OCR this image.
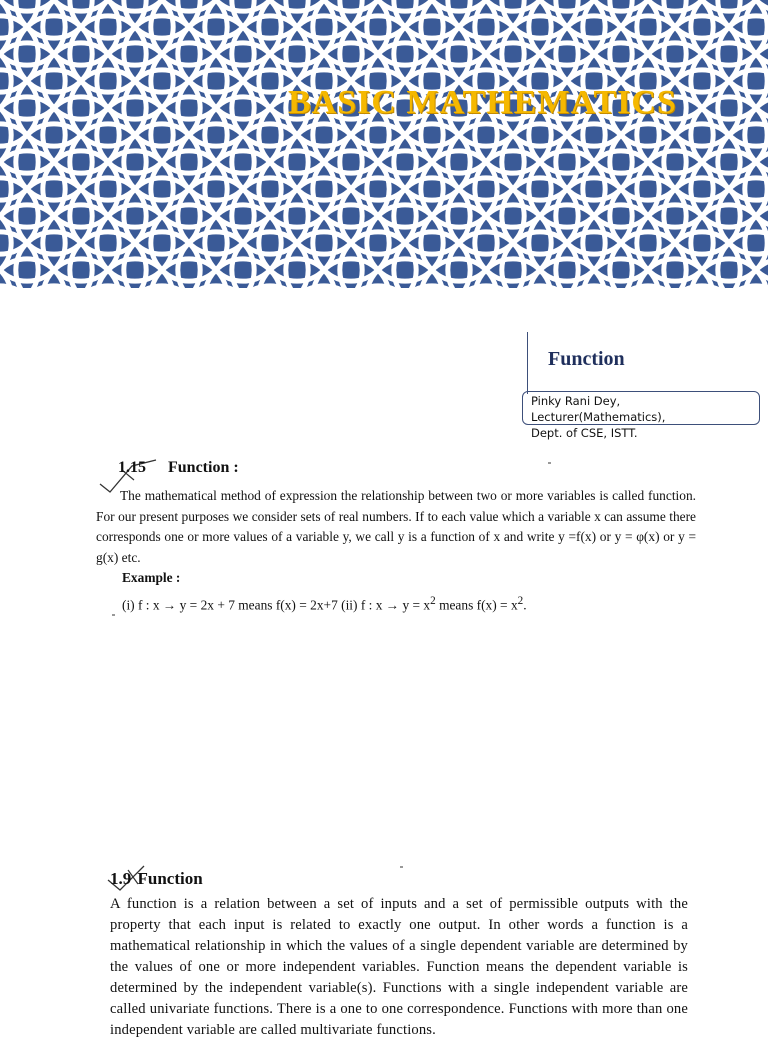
BASIC MATHEMATICS
Function
Pinky Rani Dey, Lecturer(Mathematics),
Dept. of CSE, ISTT.
1.15 Function :

The mathematical method of expression the relationship between two or more variables is called function. For our present purposes we consider sets of real numbers. If to each value which a variable x can assume there corresponds one or more values of a variable y, we call y is a function of x and write y =f(x) or y = φ(x) or y = g(x) etc.

Example :
(i) f : x → y = 2x + 7 means f(x) = 2x+7 (ii) f : $x \to y = x^2$ means $f(x) = x^2$.
1.9 Function

A function is a relation between a set of inputs and a set of permissible outputs with the property that each input is related to exactly one output. In other words a function is a mathematical relationship in which the values of a single dependent variable are determined by the values of one or more independent variables. Function means the dependent variable is determined by the independent variable(s). Functions with a single independent variable are called univariate functions. There is a one to one correspondence. Functions with more than one independent variable are called multivariate functions.
